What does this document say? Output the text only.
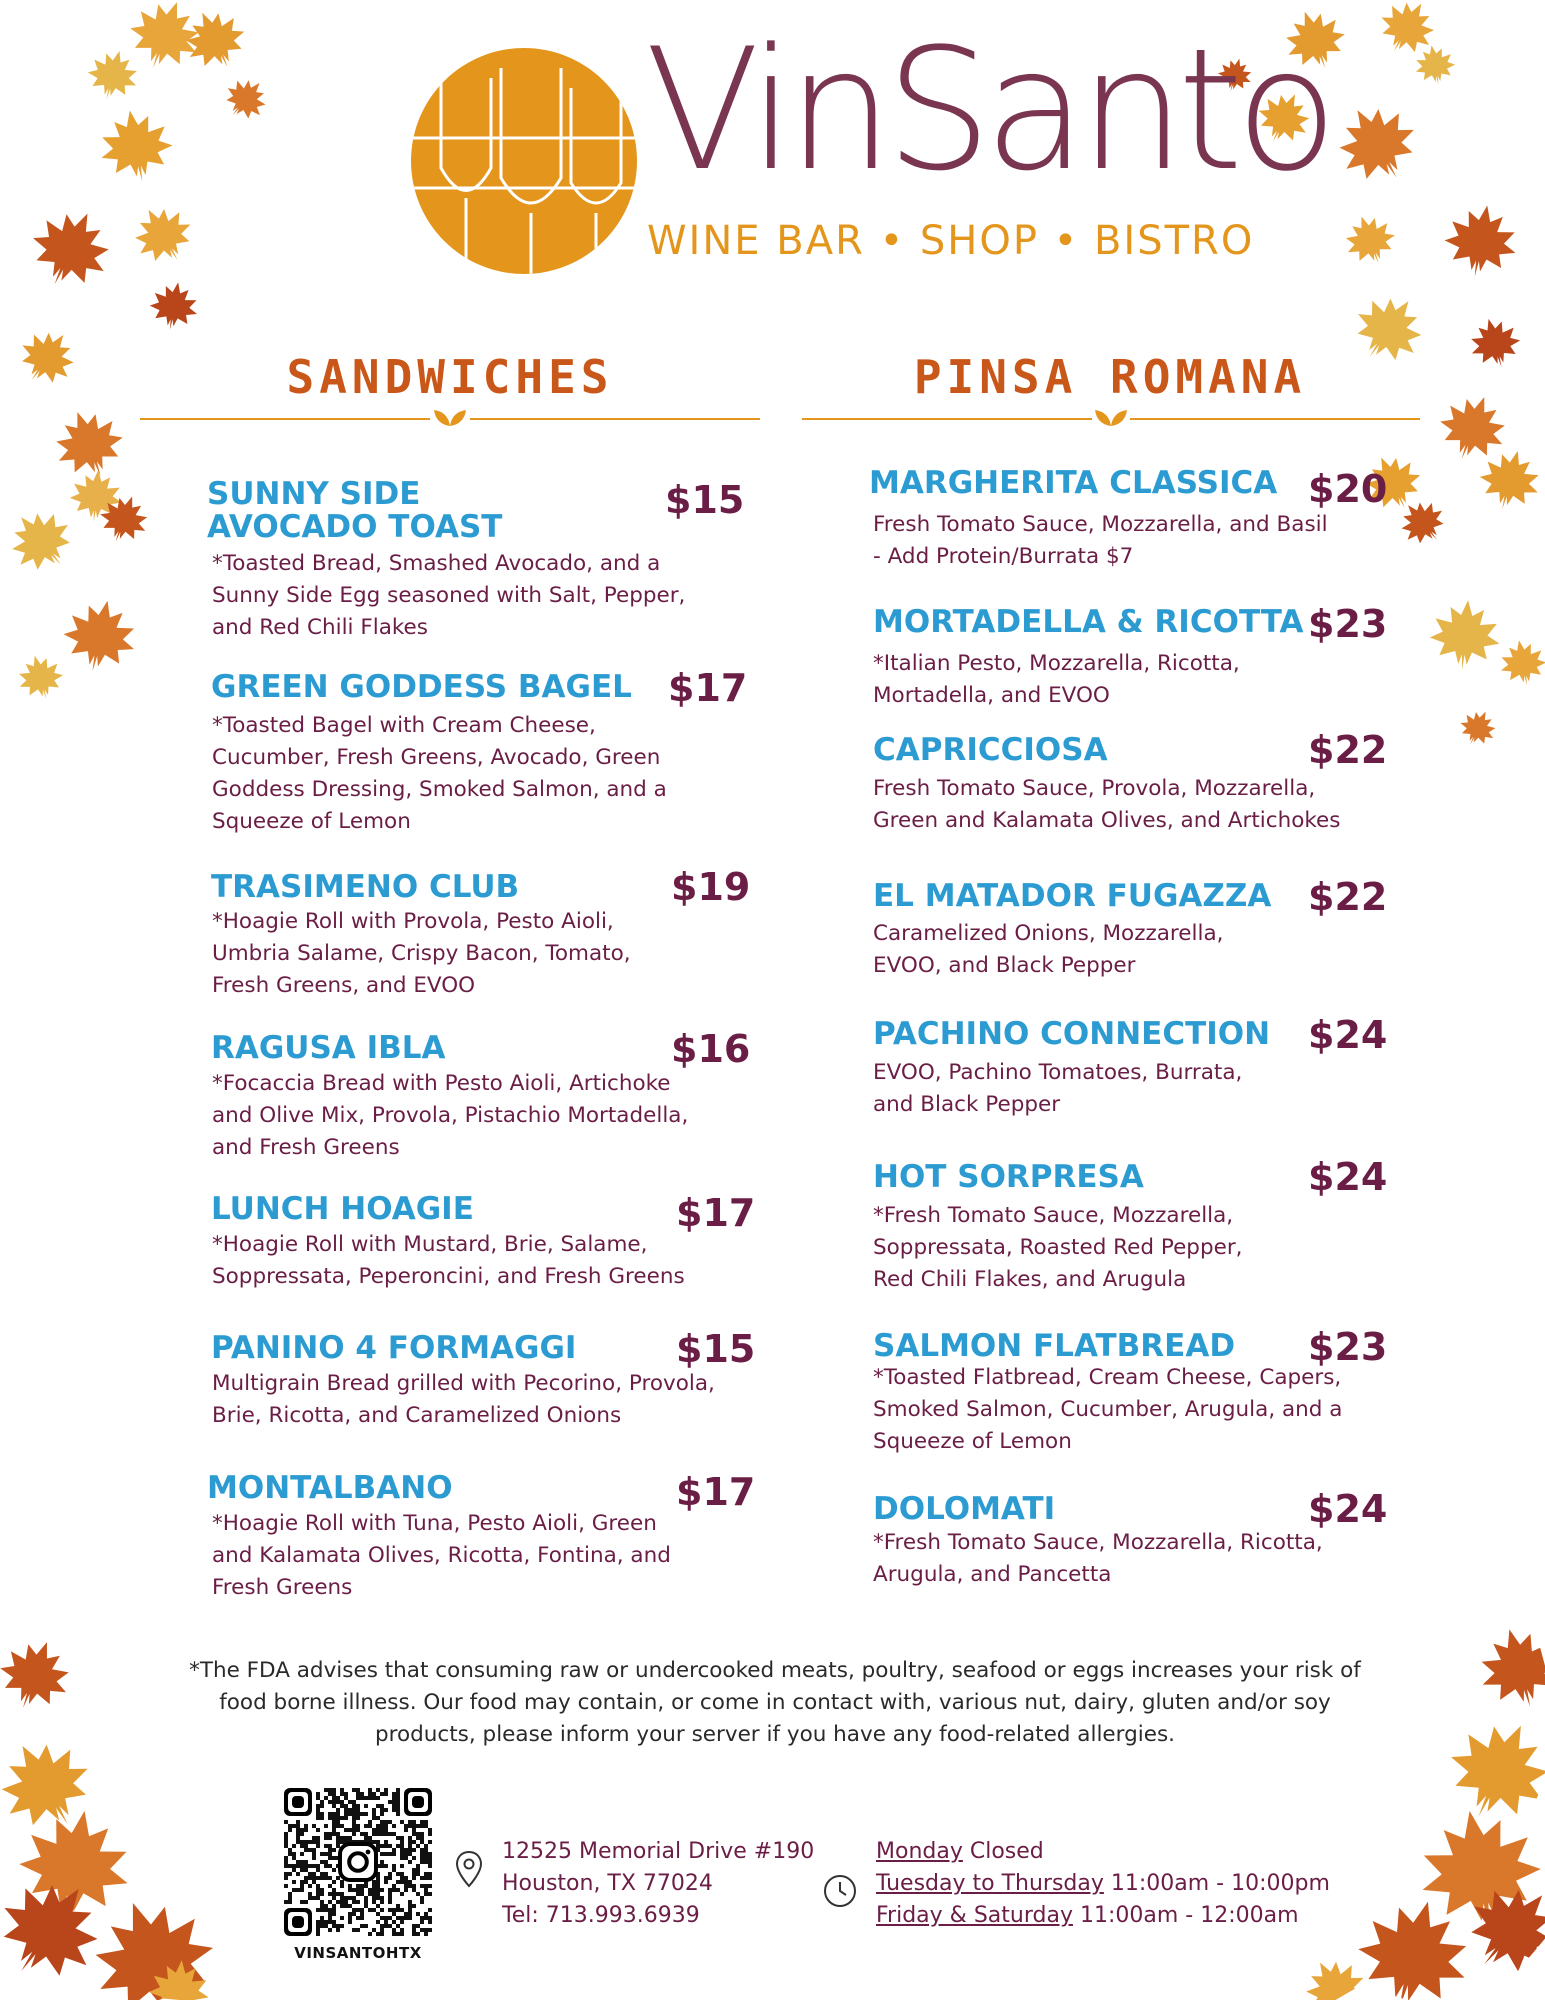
VinSanto
WINE BAR • SHOP • BISTRO
SANDWICHES	PINSA ROMANA
SUNNY SIDE
AVOCADO TOAST
$15
*Toasted Bread, Smashed Avocado, and a
Sunny Side Egg seasoned with Salt, Pepper,
and Red Chili Flakes
GREEN GODDESS BAGEL $17
*Toasted Bagel with Cream Cheese,
Cucumber, Fresh Greens, Avocado, Green
Goddess Dressing, Smoked Salmon, and a
Squeeze of Lemon
TRASIMENO CLUB	$19
*Hoagie Roll with Provola, Pesto Aioli,
Umbria Salame, Crispy Bacon, Tomato,
Fresh Greens, and EVOO
RAGUSA IBLA	$16
*Focaccia Bread with Pesto Aioli, Artichoke
and Olive Mix, Provola, Pistachio Mortadella,
and Fresh Greens
LUNCH HOAGIE	$17
*Hoagie Roll with Mustard, Brie, Salame,
Soppressata, Peperoncini, and Fresh Greens
PANINO 4 FORMAGGI	$15
Multigrain Bread grilled with Pecorino, Provola,
Brie, Ricotta, and Caramelized Onions
MONTALBANO	$17
*Hoagie Roll with Tuna, Pesto Aioli, Green
and Kalamata Olives, Ricotta, Fontina, and
Fresh Greens
MARGHERITA CLASSICA $20
Fresh Tomato Sauce, Mozzarella, and Basil
- Add Protein/Burrata $7
MORTADELLA & RICOTTA $23
*Italian Pesto, Mozzarella, Ricotta,
Mortadella, and EVOO
CAPRICCIOSA	$22
Fresh Tomato Sauce, Provola, Mozzarella,
Green and Kalamata Olives, and Artichokes
EL MATADOR FUGAZZA $22
Caramelized Onions, Mozzarella,
EVOO, and Black Pepper
PACHINO CONNECTION $24
EVOO, Pachino Tomatoes, Burrata,
and Black Pepper
HOT SORPRESA	$24
*Fresh Tomato Sauce, Mozzarella,
Soppressata, Roasted Red Pepper,
Red Chili Flakes, and Arugula
SALMON FLATBREAD $23
*Toasted Flatbread, Cream Cheese, Capers,
Smoked Salmon, Cucumber, Arugula, and a
Squeeze of Lemon
DOLOMATI	$24
*Fresh Tomato Sauce, Mozzarella, Ricotta,
Arugula, and Pancetta
*The FDA advises that consuming raw or undercooked meats, poultry, seafood or eggs increases your risk of
food borne illness. Our food may contain, or come in contact with, various nut, dairy, gluten and/or soy
products, please inform your server if you have any food-related allergies.
VINSANTOHTX
12525 Memorial Drive #190
Houston, TX 77024
Tel: 713.993.6939
Monday Closed
Tuesday to Thursday 11:00am - 10:00pm
Friday & Saturday 11:00am - 12:00am
